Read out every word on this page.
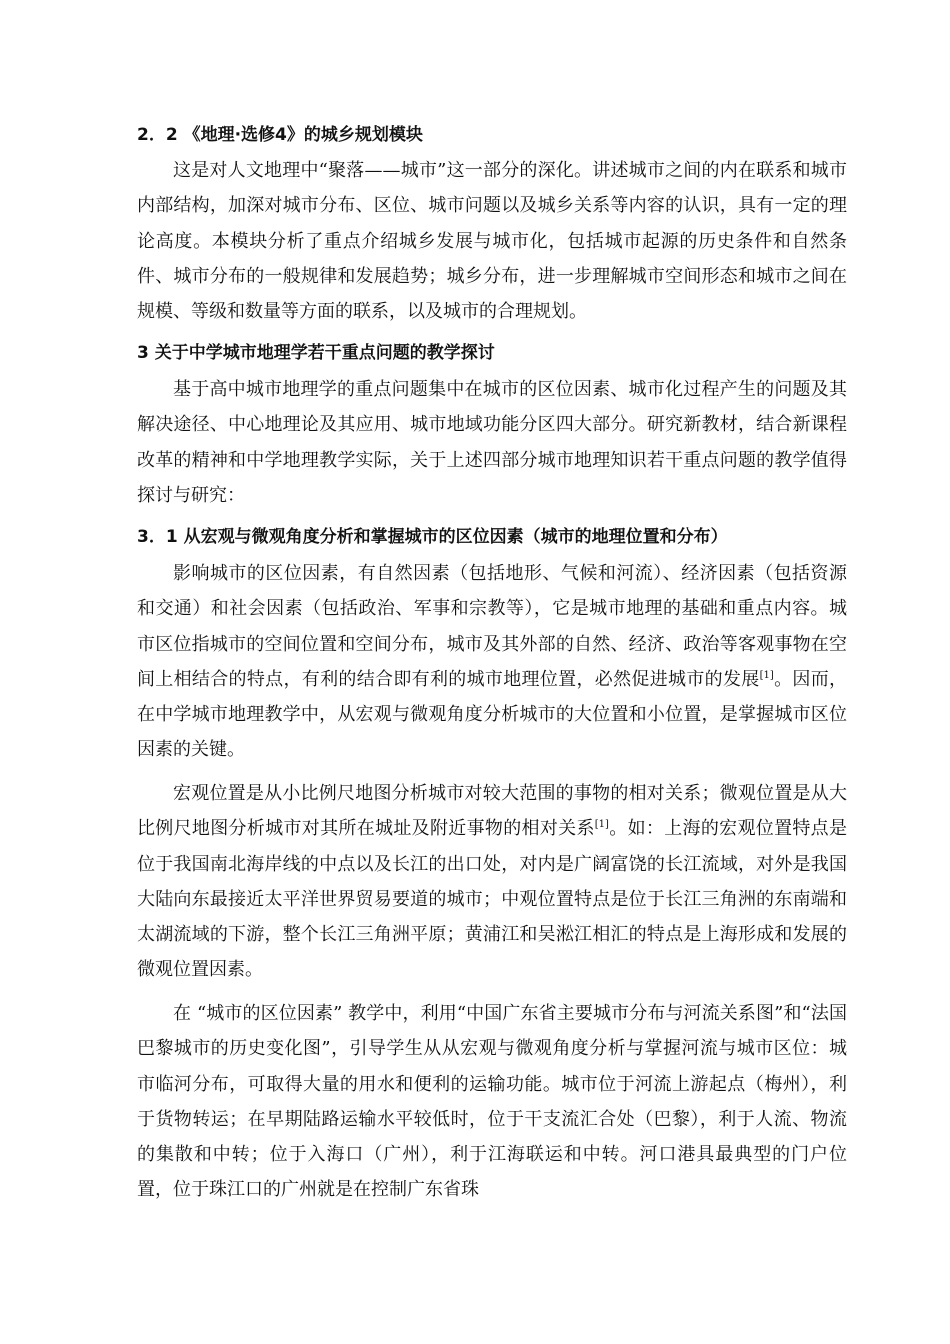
2．2 《地理·选修4》的城乡规划模块

这是对人文地理中“聚落——城市”这一部分的深化。讲述城市之间的内在联系和城市内部结构，加深对城市分布、区位、城市问题以及城乡关系等内容的认识，具有一定的理论高度。本模块分析了重点介绍城乡发展与城市化，包括城市起源的历史条件和自然条件、城市分布的一般规律和发展趋势；城乡分布，进一步理解城市空间形态和城市之间在规模、等级和数量等方面的联系，以及城市的合理规划。

3 关于中学城市地理学若干重点问题的教学探讨

基于高中城市地理学的重点问题集中在城市的区位因素、城市化过程产生的问题及其解决途径、中心地理论及其应用、城市地域功能分区四大部分。研究新教材，结合新课程改革的精神和中学地理教学实际，关于上述四部分城市地理知识若干重点问题的教学值得探讨与研究：

3．1 从宏观与微观角度分析和掌握城市的区位因素（城市的地理位置和分布）

影响城市的区位因素，有自然因素（包括地形、气候和河流）、经济因素（包括资源和交通）和社会因素（包括政治、军事和宗教等），它是城市地理的基础和重点内容。城市区位指城市的空间位置和空间分布，城市及其外部的自然、经济、政治等客观事物在空间上相结合的特点，有利的结合即有利的城市地理位置，必然促进城市的发展[1]。因而，在中学城市地理教学中，从宏观与微观角度分析城市的大位置和小位置，是掌握城市区位因素的关键。

宏观位置是从小比例尺地图分析城市对较大范围的事物的相对关系；微观位置是从大比例尺地图分析城市对其所在城址及附近事物的相对关系[1]。如：上海的宏观位置特点是位于我国南北海岸线的中点以及长江的出口处，对内是广阔富饶的长江流域，对外是我国大陆向东最接近太平洋世界贸易要道的城市；中观位置特点是位于长江三角洲的东南端和太湖流域的下游，整个长江三角洲平原；黄浦江和吴淞江相汇的特点是上海形成和发展的微观位置因素。

在 “城市的区位因素” 教学中，利用“中国广东省主要城市分布与河流关系图”和“法国巴黎城市的历史变化图”，引导学生从从宏观与微观角度分析与掌握河流与城市区位：城市临河分布，可取得大量的用水和便利的运输功能。城市位于河流上游起点（梅州），利于货物转运；在早期陆路运输水平较低时，位于干支流汇合处（巴黎），利于人流、物流的集散和中转；位于入海口（广州），利于江海联运和中转。河口港具最典型的门户位置，位于珠江口的广州就是在控制广东省珠
